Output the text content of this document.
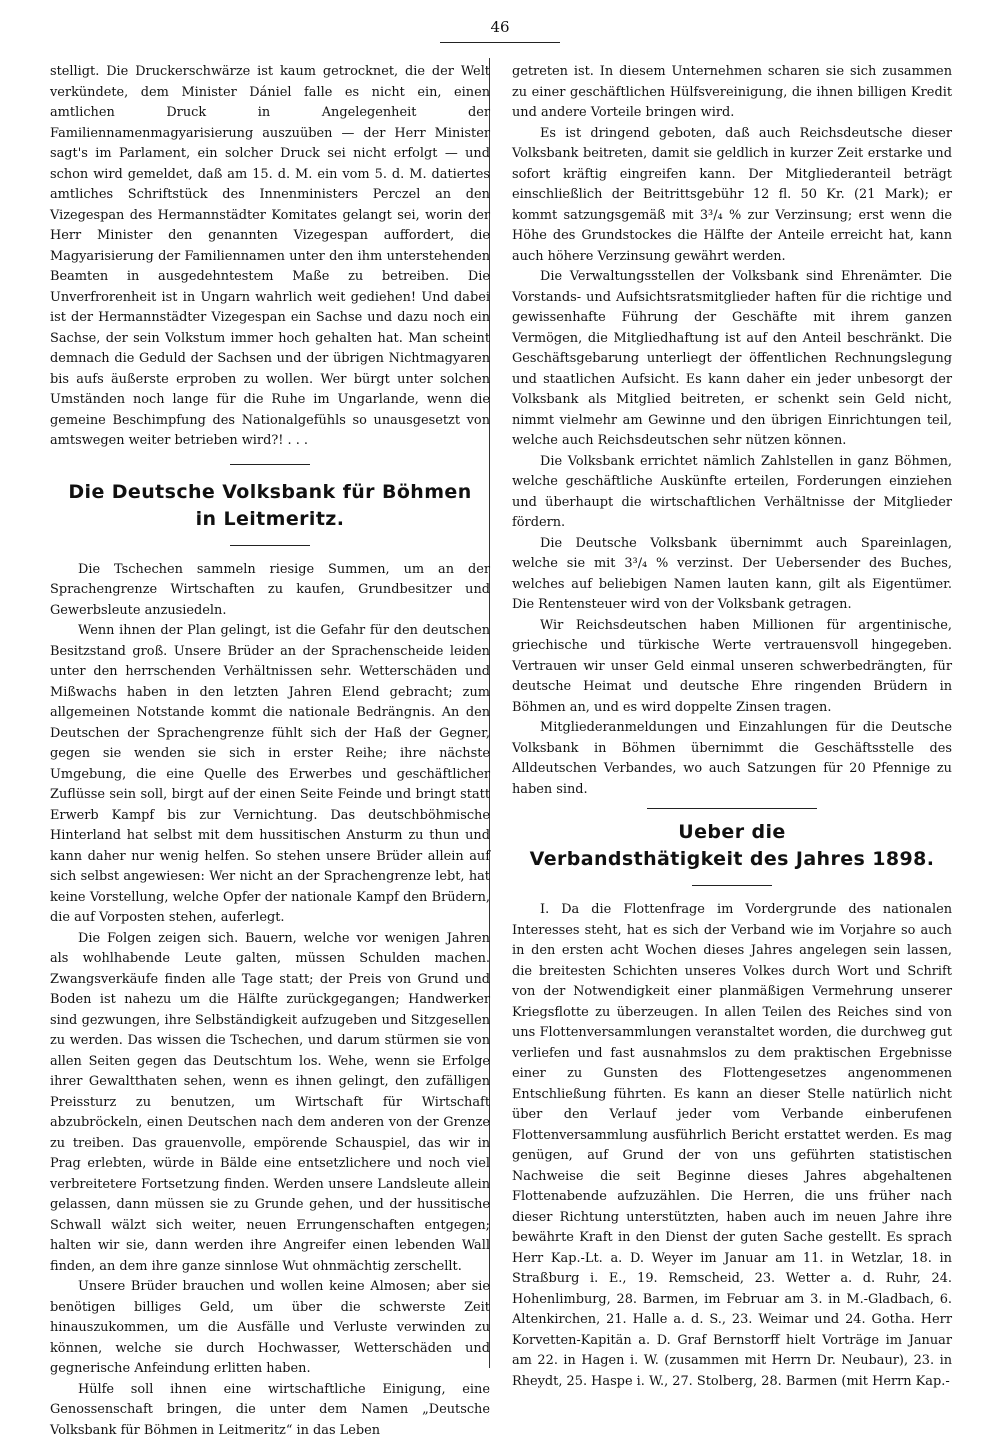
46

stelligt. Die Druckerschwärze ist kaum getrocknet, die der Welt verkündete, dem Minister Dániel falle es nicht ein, einen amtlichen Druck in Angelegenheit der Familiennamenmagyarisierung auszuüben — der Herr Minister sagt's im Parlament, ein solcher Druck sei nicht erfolgt — und schon wird gemeldet, daß am 15. d. M. ein vom 5. d. M. datiertes amtliches Schriftstück des Innenministers Perczel an den Vizegespan des Hermannstädter Komitates gelangt sei, worin der Herr Minister den genannten Vizegespan auffordert, die Magyarisierung der Familiennamen unter den ihm unterstehenden Beamten in ausgedehntestem Maße zu betreiben. Die Unverfrorenheit ist in Ungarn wahrlich weit gediehen! Und dabei ist der Hermannstädter Vizegespan ein Sachse und dazu noch ein Sachse, der sein Volkstum immer hoch gehalten hat. Man scheint demnach die Geduld der Sachsen und der übrigen Nichtmagyaren bis aufs äußerste erproben zu wollen. Wer bürgt unter solchen Umständen noch lange für die Ruhe im Ungarlande, wenn die gemeine Beschimpfung des Nationalgefühls so unausgesetzt von amtswegen weiter betrieben wird?! . . .

Die Deutsche Volksbank für Böhmen
in Leitmeritz.

Die Tschechen sammeln riesige Summen, um an der Sprachengrenze Wirtschaften zu kaufen, Grundbesitzer und Gewerbsleute anzusiedeln.

Wenn ihnen der Plan gelingt, ist die Gefahr für den deutschen Besitzstand groß. Unsere Brüder an der Sprachenscheide leiden unter den herrschenden Verhältnissen sehr. Wetterschäden und Mißwachs haben in den letzten Jahren Elend gebracht; zum allgemeinen Notstande kommt die nationale Bedrängnis. An den Deutschen der Sprachengrenze fühlt sich der Haß der Gegner, gegen sie wenden sie sich in erster Reihe; ihre nächste Umgebung, die eine Quelle des Erwerbes und geschäftlicher Zuflüsse sein soll, birgt auf der einen Seite Feinde und bringt statt Erwerb Kampf bis zur Vernichtung. Das deutschböhmische Hinterland hat selbst mit dem hussitischen Ansturm zu thun und kann daher nur wenig helfen. So stehen unsere Brüder allein auf sich selbst angewiesen: Wer nicht an der Sprachengrenze lebt, hat keine Vorstellung, welche Opfer der nationale Kampf den Brüdern, die auf Vorposten stehen, auferlegt.

Die Folgen zeigen sich. Bauern, welche vor wenigen Jahren als wohlhabende Leute galten, müssen Schulden machen. Zwangsverkäufe finden alle Tage statt; der Preis von Grund und Boden ist nahezu um die Hälfte zurückgegangen; Handwerker sind gezwungen, ihre Selbständigkeit aufzugeben und Sitzgesellen zu werden. Das wissen die Tschechen, und darum stürmen sie von allen Seiten gegen das Deutschtum los. Wehe, wenn sie Erfolge ihrer Gewaltthaten sehen, wenn es ihnen gelingt, den zufälligen Preissturz zu benutzen, um Wirtschaft für Wirtschaft abzubröckeln, einen Deutschen nach dem anderen von der Grenze zu treiben. Das grauenvolle, empörende Schauspiel, das wir in Prag erlebten, würde in Bälde eine entsetzlichere und noch viel verbreitetere Fortsetzung finden. Werden unsere Landsleute allein gelassen, dann müssen sie zu Grunde gehen, und der hussitische Schwall wälzt sich weiter, neuen Errungenschaften entgegen; halten wir sie, dann werden ihre Angreifer einen lebenden Wall finden, an dem ihre ganze sinnlose Wut ohnmächtig zerschellt.

Unsere Brüder brauchen und wollen keine Almosen; aber sie benötigen billiges Geld, um über die schwerste Zeit hinauszukommen, um die Ausfälle und Verluste verwinden zu können, welche sie durch Hochwasser, Wetterschäden und gegnerische Anfeindung erlitten haben.

Hülfe soll ihnen eine wirtschaftliche Einigung, eine Genossenschaft bringen, die unter dem Namen „Deutsche Volksbank für Böhmen in Leitmeritz“ in das Leben

getreten ist. In diesem Unternehmen scharen sie sich zusammen zu einer geschäftlichen Hülfsvereinigung, die ihnen billigen Kredit und andere Vorteile bringen wird.

Es ist dringend geboten, daß auch Reichsdeutsche dieser Volksbank beitreten, damit sie geldlich in kurzer Zeit erstarke und sofort kräftig eingreifen kann. Der Mitgliederanteil beträgt einschließlich der Beitrittsgebühr 12 fl. 50 Kr. (21 Mark); er kommt satzungsgemäß mit 3³/₄ % zur Verzinsung; erst wenn die Höhe des Grundstockes die Hälfte der Anteile erreicht hat, kann auch höhere Verzinsung gewährt werden.

Die Verwaltungsstellen der Volksbank sind Ehrenämter. Die Vorstands- und Aufsichtsratsmitglieder haften für die richtige und gewissenhafte Führung der Geschäfte mit ihrem ganzen Vermögen, die Mitgliedhaftung ist auf den Anteil beschränkt. Die Geschäftsgebarung unterliegt der öffentlichen Rechnungslegung und staatlichen Aufsicht. Es kann daher ein jeder unbesorgt der Volksbank als Mitglied beitreten, er schenkt sein Geld nicht, nimmt vielmehr am Gewinne und den übrigen Einrichtungen teil, welche auch Reichsdeutschen sehr nützen können.

Die Volksbank errichtet nämlich Zahlstellen in ganz Böhmen, welche geschäftliche Auskünfte erteilen, Forderungen einziehen und überhaupt die wirtschaftlichen Verhältnisse der Mitglieder fördern.

Die Deutsche Volksbank übernimmt auch Spareinlagen, welche sie mit 3³/₄ % verzinst. Der Uebersender des Buches, welches auf beliebigen Namen lauten kann, gilt als Eigentümer. Die Rentensteuer wird von der Volksbank getragen.

Wir Reichsdeutschen haben Millionen für argentinische, griechische und türkische Werte vertrauensvoll hingegeben. Vertrauen wir unser Geld einmal unseren schwerbedrängten, für deutsche Heimat und deutsche Ehre ringenden Brüdern in Böhmen an, und es wird doppelte Zinsen tragen.

Mitgliederanmeldungen und Einzahlungen für die Deutsche Volksbank in Böhmen übernimmt die Geschäftsstelle des Alldeutschen Verbandes, wo auch Satzungen für 20 Pfennige zu haben sind.

Ueber die
Verbandsthätigkeit des Jahres 1898.

I. Da die Flottenfrage im Vordergrunde des nationalen Interesses steht, hat es sich der Verband wie im Vorjahre so auch in den ersten acht Wochen dieses Jahres angelegen sein lassen, die breitesten Schichten unseres Volkes durch Wort und Schrift von der Notwendigkeit einer planmäßigen Vermehrung unserer Kriegsflotte zu überzeugen. In allen Teilen des Reiches sind von uns Flottenversammlungen veranstaltet worden, die durchweg gut verliefen und fast ausnahmslos zu dem praktischen Ergebnisse einer zu Gunsten des Flottengesetzes angenommenen Entschließung führten. Es kann an dieser Stelle natürlich nicht über den Verlauf jeder vom Verbande einberufenen Flottenversammlung ausführlich Bericht erstattet werden. Es mag genügen, auf Grund der von uns geführten statistischen Nachweise die seit Beginne dieses Jahres abgehaltenen Flottenabende aufzuzählen. Die Herren, die uns früher nach dieser Richtung unterstützten, haben auch im neuen Jahre ihre bewährte Kraft in den Dienst der guten Sache gestellt. Es sprach Herr Kap.-Lt. a. D. Weyer im Januar am 11. in Wetzlar, 18. in Straßburg i. E., 19. Remscheid, 23. Wetter a. d. Ruhr, 24. Hohenlimburg, 28. Barmen, im Februar am 3. in M.-Gladbach, 6. Altenkirchen, 21. Halle a. d. S., 23. Weimar und 24. Gotha. Herr Korvetten-Kapitän a. D. Graf Bernstorff hielt Vorträge im Januar am 22. in Hagen i. W. (zusammen mit Herrn Dr. Neubaur), 23. in Rheydt, 25. Haspe i. W., 27. Stolberg, 28. Barmen (mit Herrn Kap.-
